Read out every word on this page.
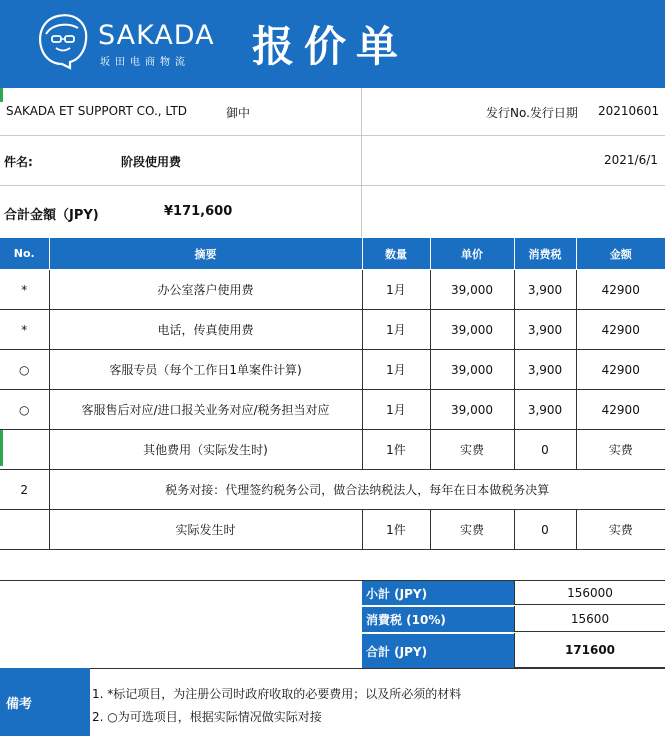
SAKADA
坂田电商物流 报价单
SAKADA ET SUPPORT CO., LTD	御中	发行No.发行日期 20210601
件名:	阶段使用费	2021/6/1
合計金額（JPY)	¥171,600
No.	摘要	数量	单价	消费税	金额
*	办公室落户使用费	1月	39,000	3,900	42900
*	电话，传真使用费	1月	39,000	3,900	42900
○	客服专员（每个工作日1单案件计算)	1月	39,000	3,900	42900
○	客服售后对应/进口报关业务对应/税务担当对应	1月	39,000	3,900	42900
	其他费用（实际发生时)	1件	实费	0	实费
2	税务对接：代理签约税务公司，做合法纳税法人，每年在日本做税务决算				
	实际发生时	1件	实费	0	实费
小計 (JPY)	156000
消費税 (10%)	15600
合計 (JPY)	171600
備考
1. *标记项目，为注册公司时政府收取的必要费用；以及所必须的材料
2. ○为可选项目，根据实际情况做实际对接
